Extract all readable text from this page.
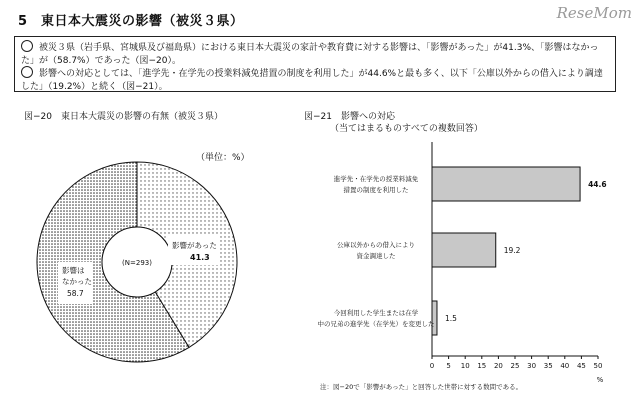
5　東日本大震災の影響（被災３県）	ReseMom
被災３県（岩手県、宮城県及び福島県）における東日本大震災の家計や教育費に対する影響は、「影響があった」が41.3%、「影響はなかった」が（58.7%）であった（図−20）。
影響への対応としては、「進学先・在学先の授業料減免措置の制度を利用した」が44.6%と最も多く、以下「公庫以外からの借入により調達した」（19.2%）と続く（図−21）。
図−20　東日本大震災の影響の有無（被災３県）
（単位：%）
図−21　影響への対応
（当てはまるものすべての複数回答）
(N=293)
影響があった
41.3
影響は
なかった
58.7
0 5 10 15 20 25 30 35 40 45 50
%
44.6
進学先・在学先の授業料減免
措置の制度を利用した
19.2
公庫以外からの借入により
資金調達した
1.5
今回利用した学生または在学
中の兄弟の進学先（在学先）を変更した
注：図−20で「影響があった」と回答した世帯に対する数問である。
